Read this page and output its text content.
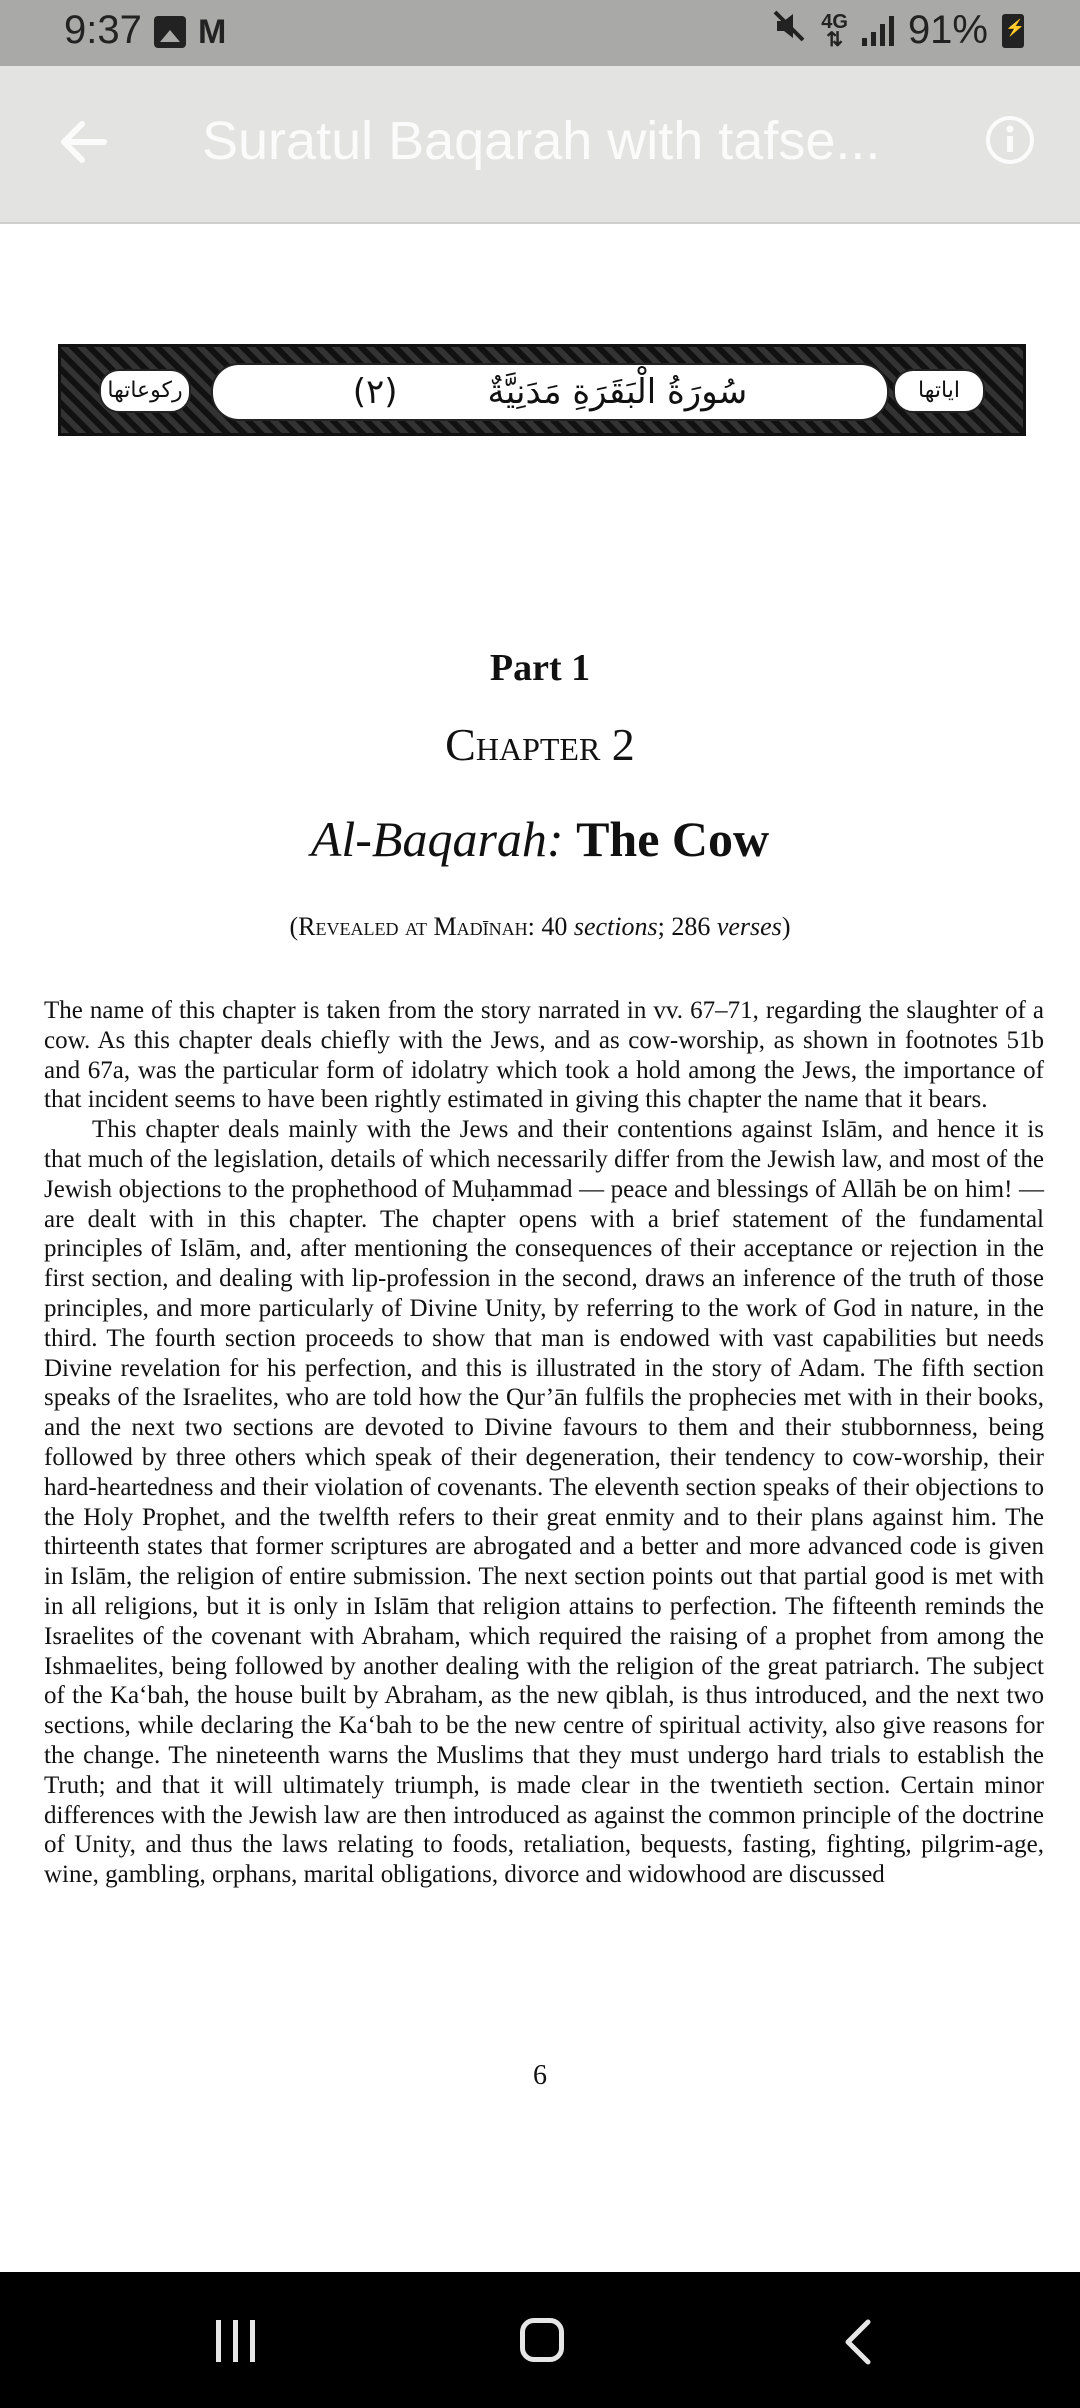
9:37 M	4G
⇅ 91%
⚡
Suratul Baqarah with tafse...
ركوعاتها	سُورَةُ الْبَقَرَةِ مَدَنِيَّةٌ
(٢)	اياتها
Part 1
Chapter 2
Al-Baqarah: The Cow
(Revealed at Madīnah: 40 sections; 286 verses)

The name of this chapter is taken from the story narrated in vv. 67–71, regarding the slaughter of a cow. As this chapter deals chiefly with the Jews, and as cow-worship, as shown in footnotes 51b and 67a, was the particular form of idolatry which took a hold among the Jews, the importance of that incident seems to have been rightly estimated in giving this chapter the name that it bears.

This chapter deals mainly with the Jews and their contentions against Islām, and hence it is that much of the legislation, details of which necessarily differ from the Jewish law, and most of the Jewish objections to the prophethood of Muḥammad — peace and blessings of Allāh be on him! — are dealt with in this chapter. The chapter opens with a brief statement of the fundamental principles of Islām, and, after mentioning the consequences of their acceptance or rejection in the first section, and dealing with lip-profession in the second, draws an inference of the truth of those principles, and more particularly of Divine Unity, by referring to the work of God in nature, in the third. The fourth section proceeds to show that man is endowed with vast capabilities but needs Divine revelation for his perfection, and this is illustrated in the story of Adam. The fifth section speaks of the Israelites, who are told how the Qur’ān fulfils the prophecies met with in their books, and the next two sections are devoted to Divine favours to them and their stubbornness, being followed by three others which speak of their degeneration, their tendency to cow-worship, their hard-heartedness and their violation of covenants. The eleventh section speaks of their objections to the Holy Prophet, and the twelfth refers to their great enmity and to their plans against him. The thirteenth states that former scriptures are abrogated and a better and more advanced code is given in Islām, the religion of entire submission. The next section points out that partial good is met with in all religions, but it is only in Islām that religion attains to perfection. The fifteenth reminds the Israelites of the covenant with Abraham, which required the raising of a prophet from among the Ishmaelites, being followed by another dealing with the religion of the great patriarch. The subject of the Ka‘bah, the house built by Abraham, as the new qiblah, is thus introduced, and the next two sections, while declaring the Ka‘bah to be the new centre of spiritual activity, also give reasons for the change. The nineteenth warns the Muslims that they must undergo hard trials to establish the Truth; and that it will ultimately triumph, is made clear in the twentieth section. Certain minor differences with the Jewish law are then introduced as against the common principle of the doctrine of Unity, and thus the laws relating to foods, retaliation, bequests, fasting, fighting, pilgrim-age, wine, gambling, orphans, marital obligations, divorce and widowhood are discussed

6
